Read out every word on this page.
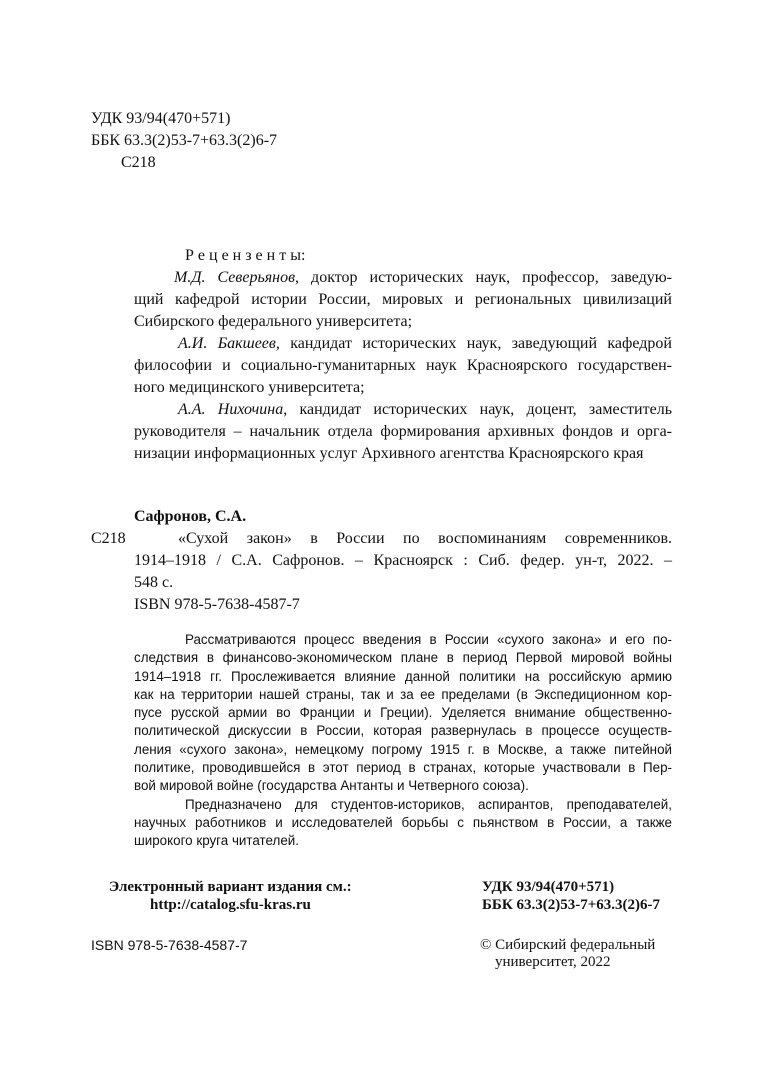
УДК 93/94(470+571)
ББК 63.3(2)53-7+63.3(2)6-7
С218
Р е ц е н з е н т ы:
М.Д. Северьянов, доктор исторических наук, профессор, заведую-
щий кафедрой истории России, мировых и региональных цивилизаций
Сибирского федерального университета;
А.И. Бакшеев, кандидат исторических наук, заведующий кафедрой
философии и социально-гуманитарных наук Красноярского государствен-
ного медицинского университета;
А.А. Нихочина, кандидат исторических наук, доцент, заместитель
руководителя – начальник отдела формирования архивных фондов и орга-
низации информационных услуг Архивного агентства Красноярского края
Сафронов, С.А.
С218	«Сухой закон» в России по воспоминаниям современников.
1914–1918 / С.А. Сафронов. – Красноярск : Сиб. федер. ун-т, 2022. –
548 с.
ISBN 978-5-7638-4587-7
Рассматриваются процесс введения в России «сухого закона» и его по-
следствия в финансово-экономическом плане в период Первой мировой войны
1914–1918 гг. Прослеживается влияние данной политики на российскую армию
как на территории нашей страны, так и за ее пределами (в Экспедиционном кор-
пусе русской армии во Франции и Греции). Уделяется внимание общественно-
политической дискуссии в России, которая развернулась в процессе осуществ-
ления «сухого закона», немецкому погрому 1915 г. в Москве, а также питейной
политике, проводившейся в этот период в странах, которые участвовали в Пер-
вой мировой войне (государства Антанты и Четверного союза).
Предназначено для студентов-историков, аспирантов, преподавателей,
научных работников и исследователей борьбы с пьянством в России, а также
широкого круга читателей.
Электронный вариант издания см.:
http://catalog.sfu-kras.ru
УДК 93/94(470+571)
ББК 63.3(2)53-7+63.3(2)6-7
ISBN 978-5-7638-4587-7	© Сибирский федеральный
университет, 2022
